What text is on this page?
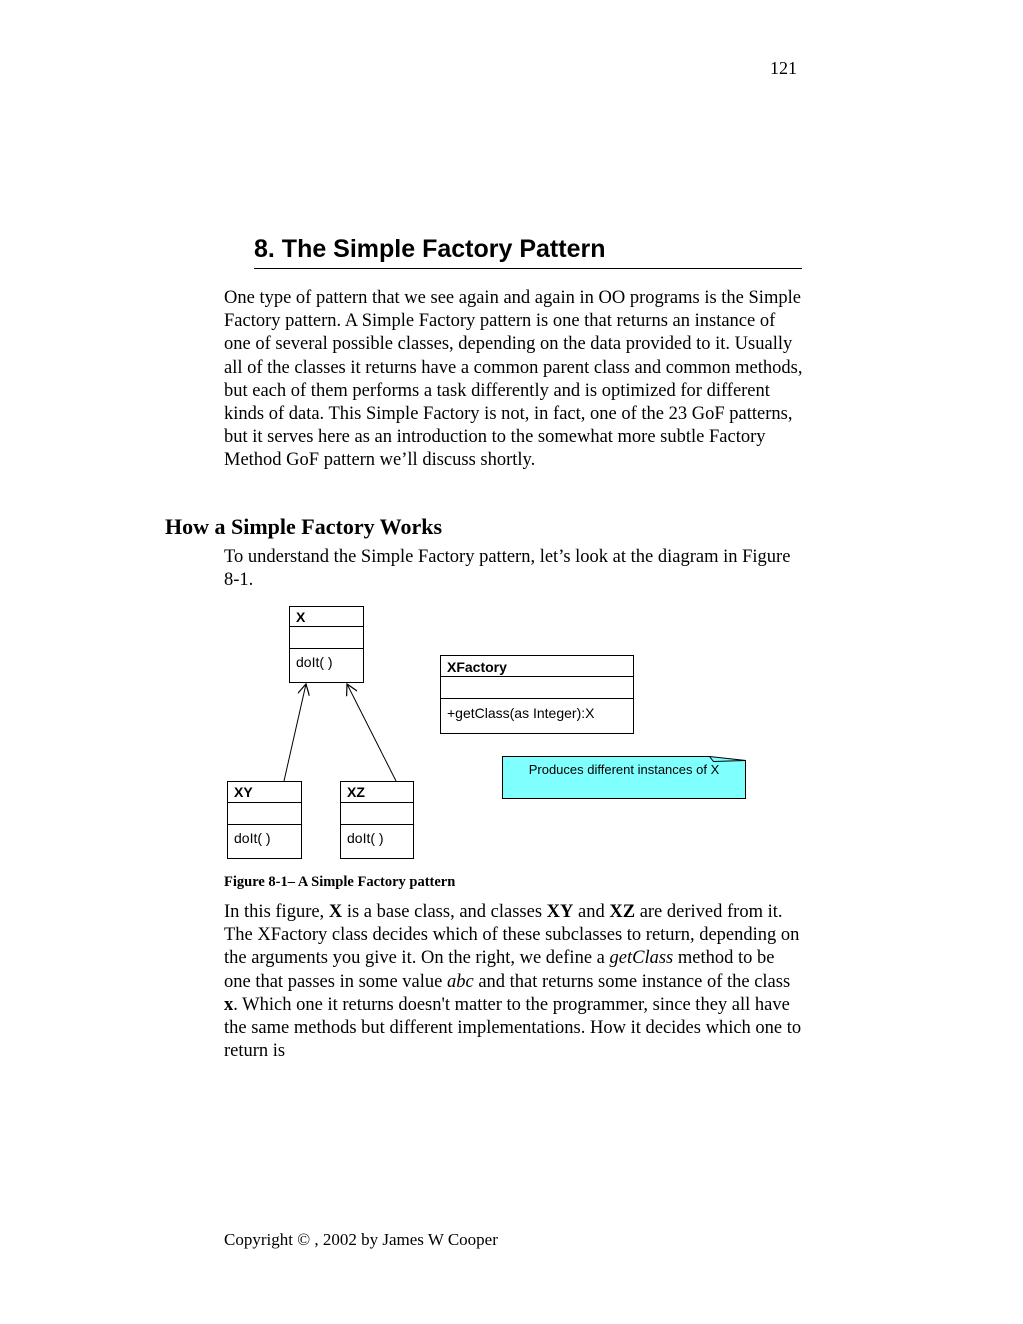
121
8. The Simple Factory Pattern

One type of pattern that we see again and again in OO programs is the Simple Factory pattern. A Simple Factory pattern is one that returns an instance of one of several possible classes, depending on the data provided to it. Usually all of the classes it returns have a common parent class and common methods, but each of them performs a task differently and is optimized for different kinds of data. This Simple Factory is not, in fact, one of the 23 GoF patterns, but it serves here as an introduction to the somewhat more subtle Factory Method GoF pattern we’ll discuss shortly.

How a Simple Factory Works

To understand the Simple Factory pattern, let’s look at the diagram in Figure 8-1.

X
doIt( )
XY
doIt( )
XZ
doIt( )
XFactory
+getClass(as Integer):X
Produces different instances of X
Figure 8-1– A Simple Factory pattern

In this figure, X is a base class, and classes XY and XZ are derived from it. The XFactory class decides which of these subclasses to return, depending on the arguments you give it. On the right, we define a getClass method to be one that passes in some value abc and that returns some instance of the class x. Which one it returns doesn't matter to the programmer, since they all have the same methods but different implementations. How it decides which one to return is

Copyright © , 2002 by James W Cooper
